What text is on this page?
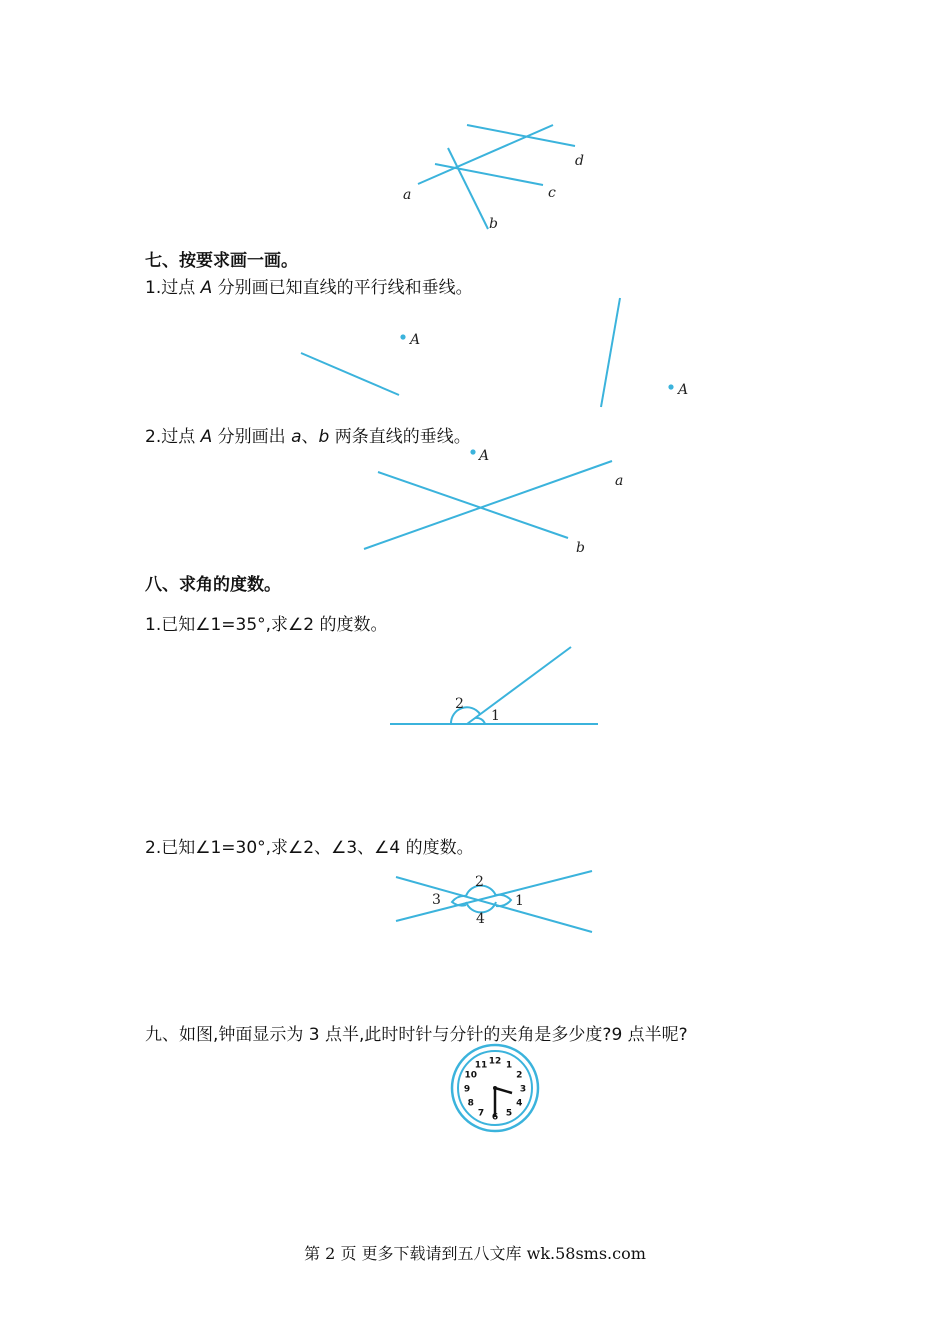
d
c
a
b
A
A
A
a
b
2
1
2
3	1
4
12 1
2
3
4
5
6
7
8
9
10
11
七、按要求画一画。
1.过点 A 分别画已知直线的平行线和垂线。
2.过点 A 分别画出 a、b 两条直线的垂线。
八、求角的度数。
1.已知∠1=35°,求∠2 的度数。
2.已知∠1=30°,求∠2、∠3、∠4 的度数。
九、如图,钟面显示为 3 点半,此时时针与分针的夹角是多少度?9 点半呢?
第 2 页 更多下载请到五八文库 wk.58sms.com
